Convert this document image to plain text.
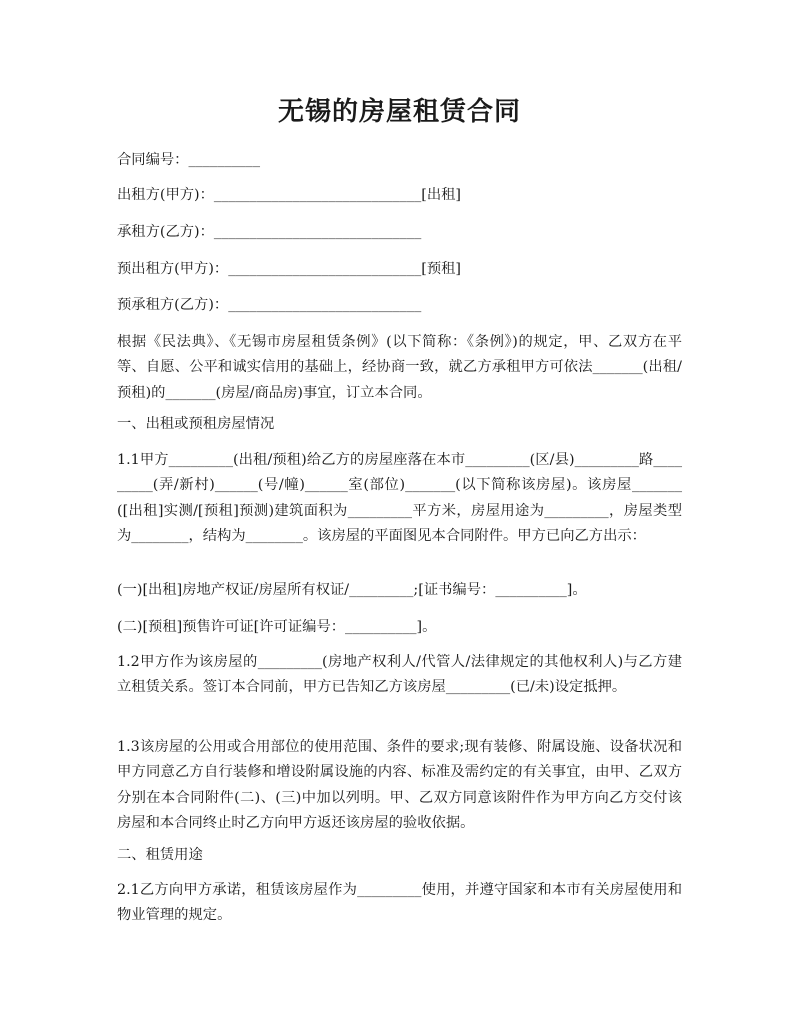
无锡的房屋租赁合同

合同编号：__________

出租方(甲方)：_____________________________[出租]

承租方(乙方)：_____________________________

预出租方(甲方)：___________________________[预租]

预承租方(乙方)：___________________________

根据《民法典》、《无锡市房屋租赁条例》(以下简称：《条例》)的规定，甲、乙双方在平等、自愿、公平和诚实信用的基础上，经协商一致，就乙方承租甲方可依法_______(出租/预租)的_______(房屋/商品房)事宜，订立本合同。

一、出租或预租房屋情况

1.1甲方_________(出租/预租)给乙方的房屋座落在本市_________(区/县)_________路_________(弄/新村)______(号/幢)______室(部位)_______(以下简称该房屋)。该房屋_______([出租]实测/[预租]预测)建筑面积为_________平方米，房屋用途为_________，房屋类型为________，结构为________。该房屋的平面图见本合同附件。甲方已向乙方出示：

(一)[出租]房地产权证/房屋所有权证/_________;[证书编号：__________]。

(二)[预租]预售许可证[许可证编号：__________]。

1.2甲方作为该房屋的_________(房地产权利人/代管人/法律规定的其他权利人)与乙方建立租赁关系。签订本合同前，甲方已告知乙方该房屋_________(已/未)设定抵押。

1.3该房屋的公用或合用部位的使用范围、条件的要求;现有装修、附属设施、设备状况和甲方同意乙方自行装修和增设附属设施的内容、标准及需约定的有关事宜，由甲、乙双方分别在本合同附件(二)、(三)中加以列明。甲、乙双方同意该附件作为甲方向乙方交付该房屋和本合同终止时乙方向甲方返还该房屋的验收依据。

二、租赁用途

2.1乙方向甲方承诺，租赁该房屋作为_________使用，并遵守国家和本市有关房屋使用和物业管理的规定。
